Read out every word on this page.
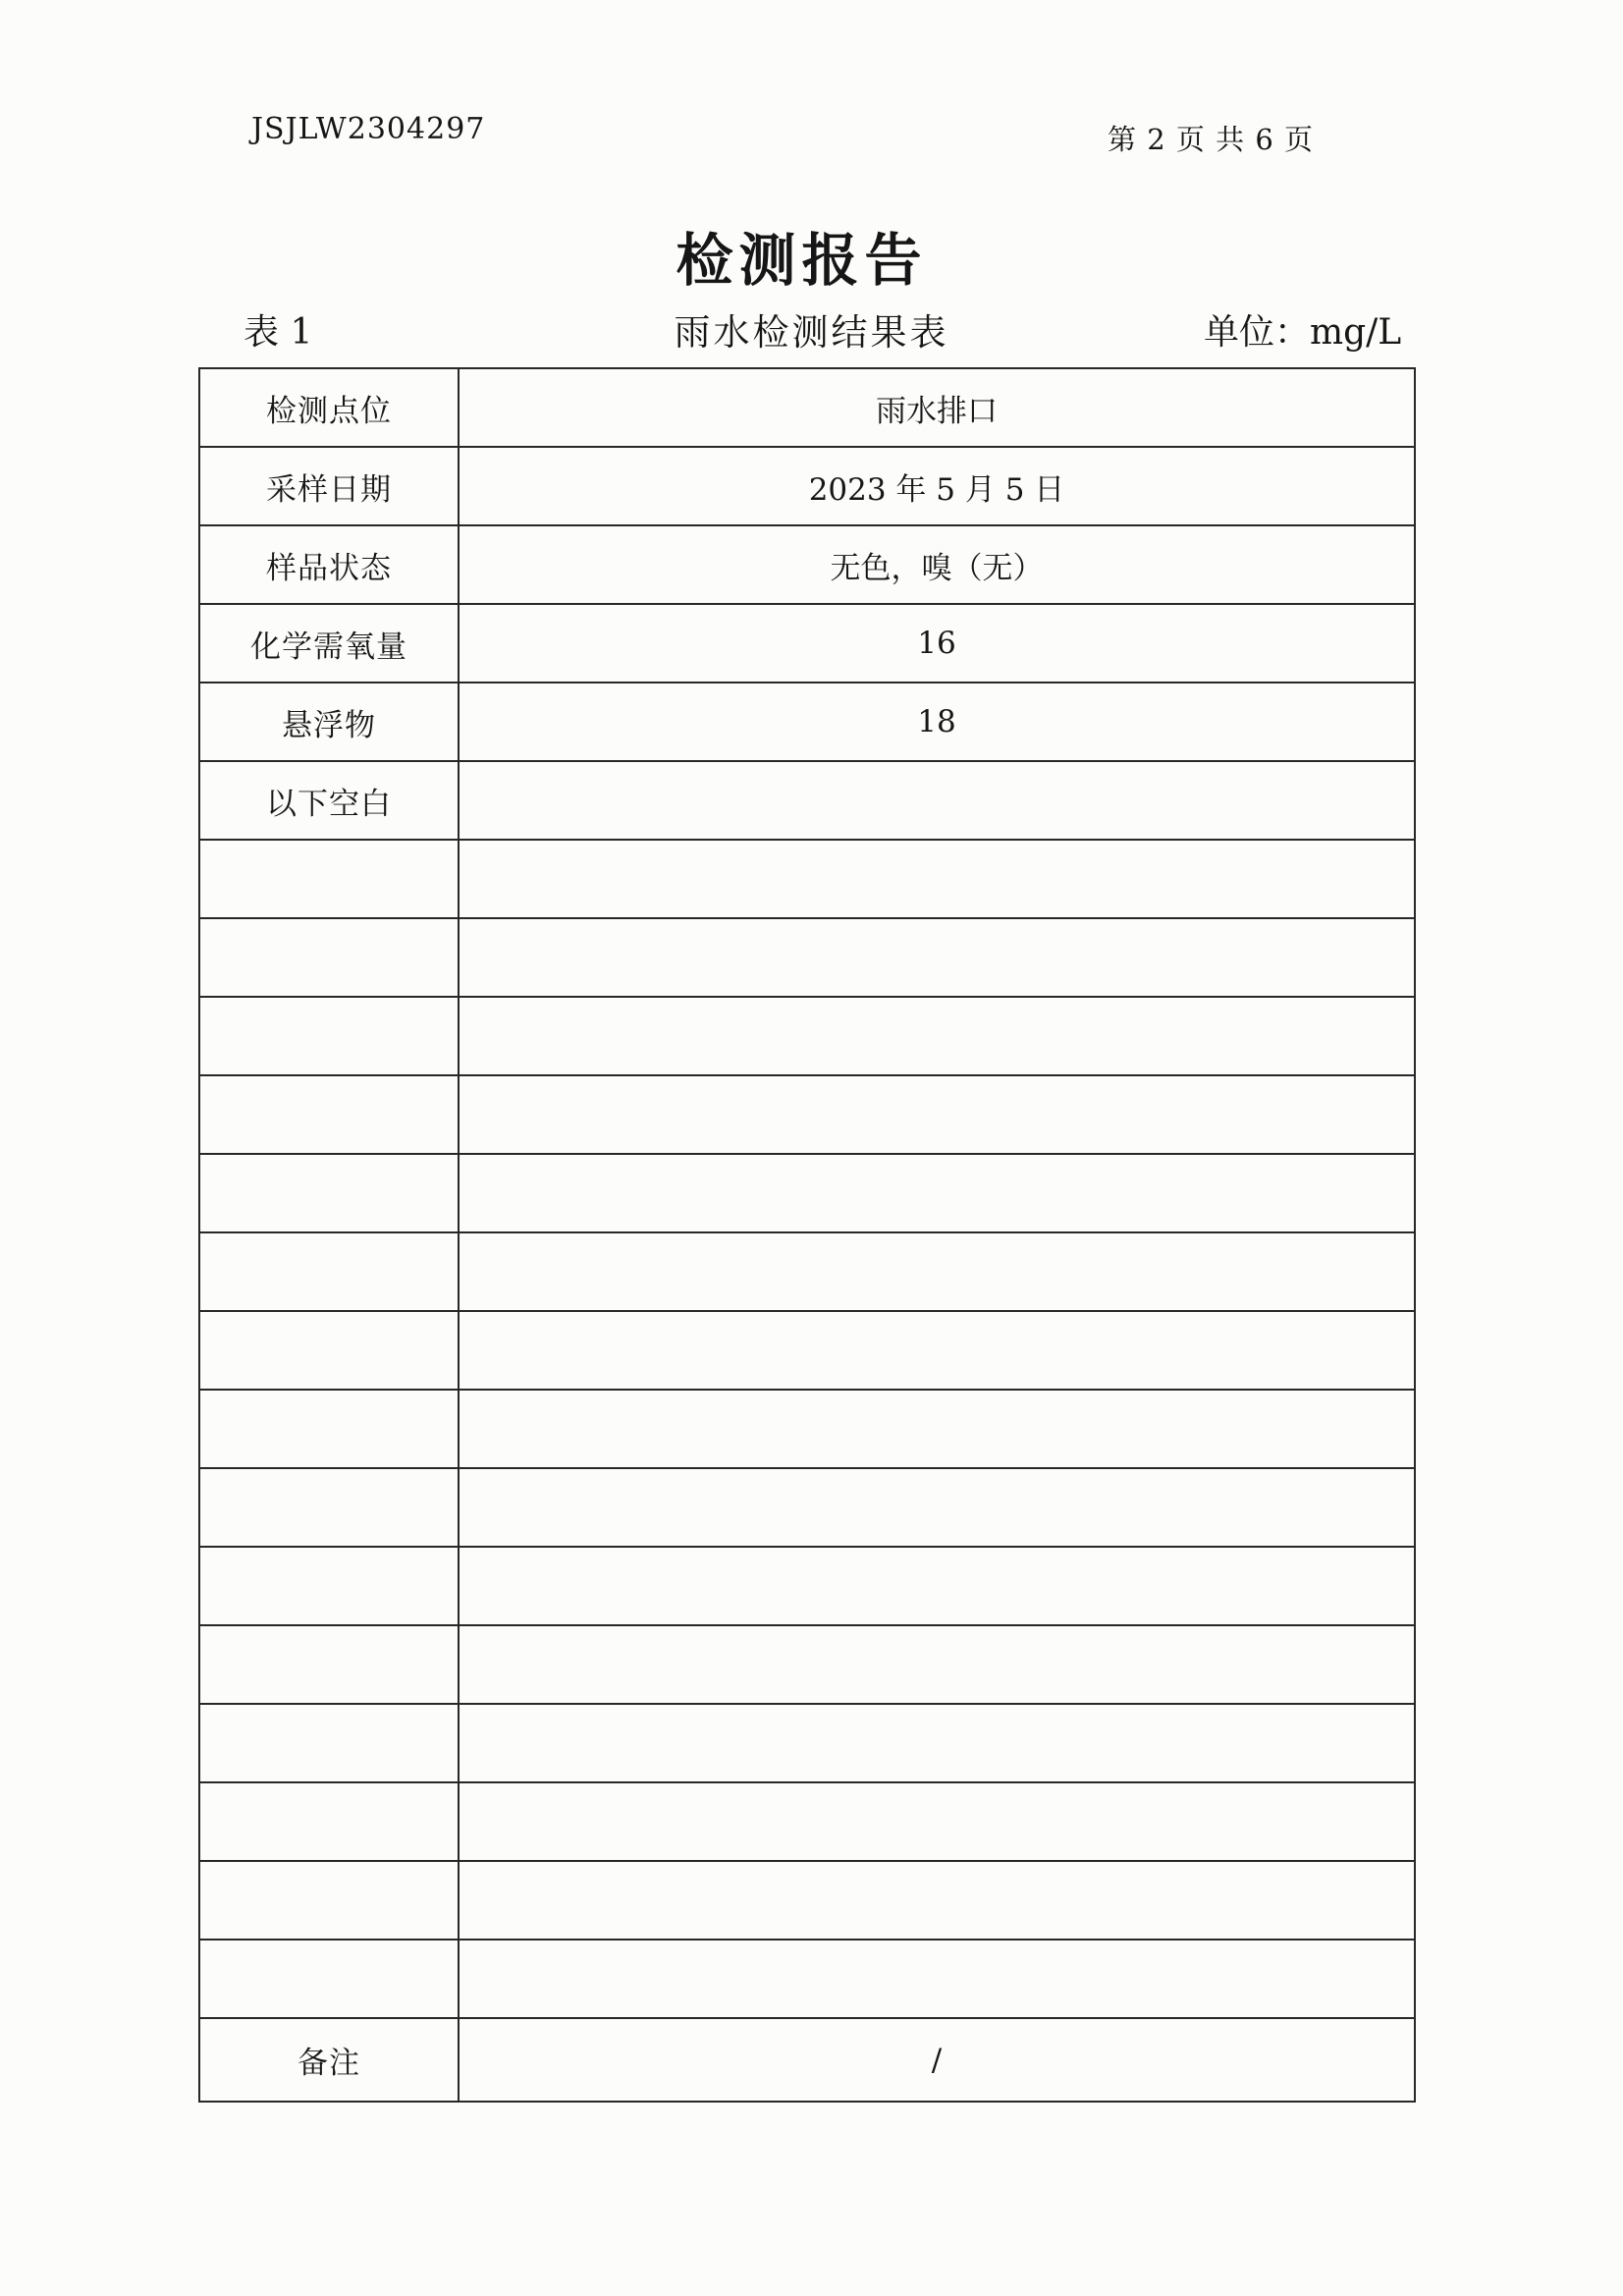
JSJLW2304297	第 2 页 共 6 页
检测报告
表 1	雨水检测结果表	单位：mg/L
检测点位	雨水排口
采样日期	2023 年 5 月 5 日
样品状态	无色，嗅（无）
化学需氧量	16
悬浮物	18
以下空白	

备注	/
